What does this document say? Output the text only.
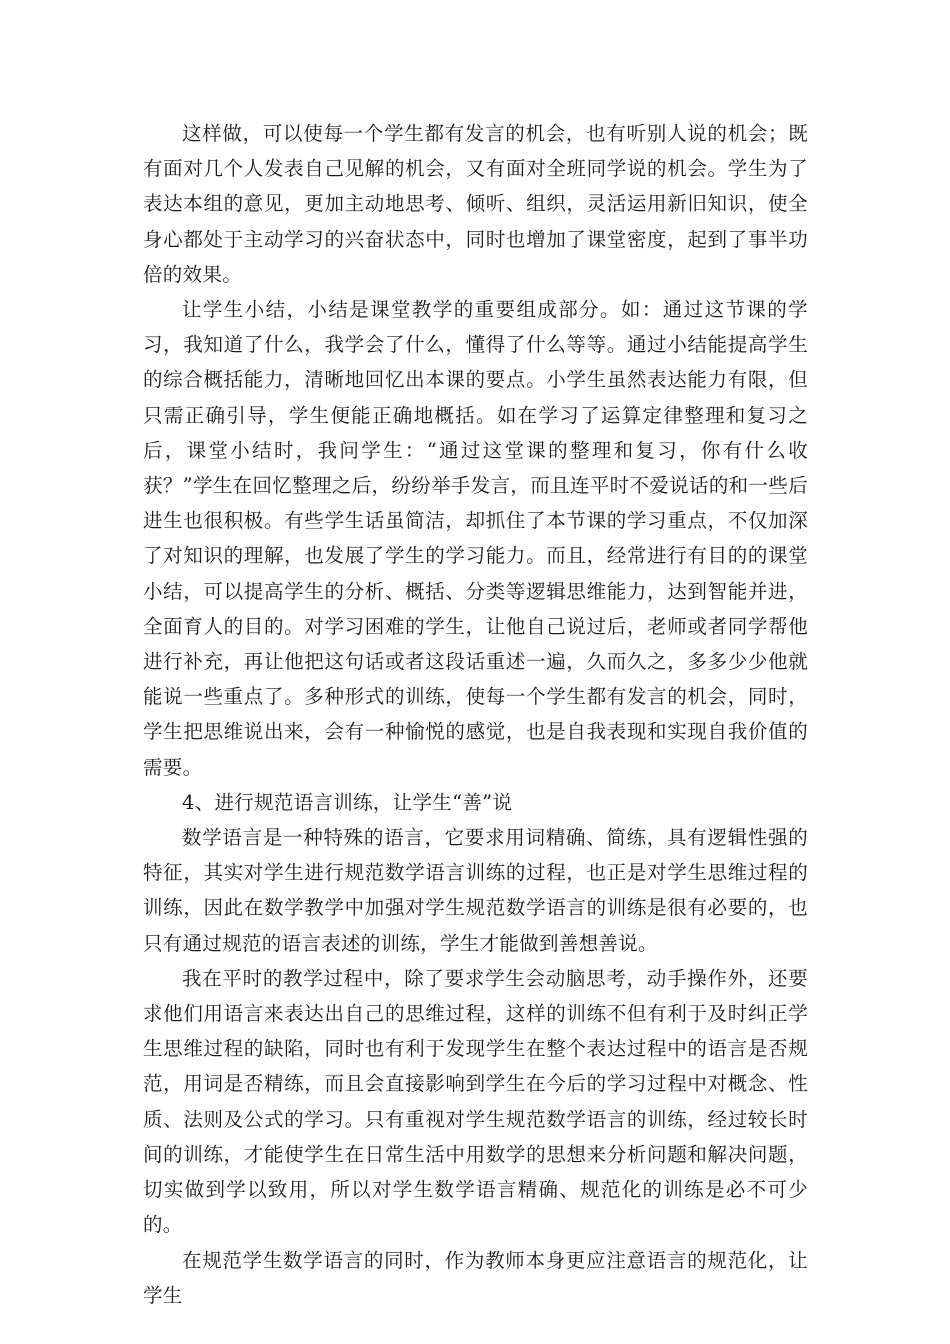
这样做，可以使每一个学生都有发言的机会，也有听别人说的机会；既有面对几个人发表自己见解的机会，又有面对全班同学说的机会。学生为了表达本组的意见，更加主动地思考、倾听、组织，灵活运用新旧知识，使全身心都处于主动学习的兴奋状态中，同时也增加了课堂密度，起到了事半功倍的效果。

让学生小结，小结是课堂教学的重要组成部分。如：通过这节课的学习，我知道了什么，我学会了什么，懂得了什么等等。通过小结能提高学生的综合概括能力，清晰地回忆出本课的要点。小学生虽然表达能力有限，但只需正确引导，学生便能正确地概括。如在学习了运算定律整理和复习之后，课堂小结时，我问学生：“通过这堂课的整理和复习，你有什么收获？”学生在回忆整理之后，纷纷举手发言，而且连平时不爱说话的和一些后进生也很积极。有些学生话虽简洁，却抓住了本节课的学习重点，不仅加深了对知识的理解，也发展了学生的学习能力。而且，经常进行有目的的课堂小结，可以提高学生的分析、概括、分类等逻辑思维能力，达到智能并进，全面育人的目的。对学习困难的学生，让他自己说过后，老师或者同学帮他进行补充，再让他把这句话或者这段话重述一遍，久而久之，多多少少他就能说一些重点了。多种形式的训练，使每一个学生都有发言的机会，同时，学生把思维说出来，会有一种愉悦的感觉，也是自我表现和实现自我价值的需要。

4、进行规范语言训练，让学生“善”说

数学语言是一种特殊的语言，它要求用词精确、简练，具有逻辑性强的特征，其实对学生进行规范数学语言训练的过程，也正是对学生思维过程的训练，因此在数学教学中加强对学生规范数学语言的训练是很有必要的，也只有通过规范的语言表述的训练，学生才能做到善想善说。

我在平时的教学过程中，除了要求学生会动脑思考，动手操作外，还要求他们用语言来表达出自己的思维过程，这样的训练不但有利于及时纠正学生思维过程的缺陷，同时也有利于发现学生在整个表达过程中的语言是否规范，用词是否精练，而且会直接影响到学生在今后的学习过程中对概念、性质、法则及公式的学习。只有重视对学生规范数学语言的训练，经过较长时间的训练，才能使学生在日常生活中用数学的思想来分析问题和解决问题，切实做到学以致用，所以对学生数学语言精确、规范化的训练是必不可少的。

在规范学生数学语言的同时，作为教师本身更应注意语言的规范化，让学生
